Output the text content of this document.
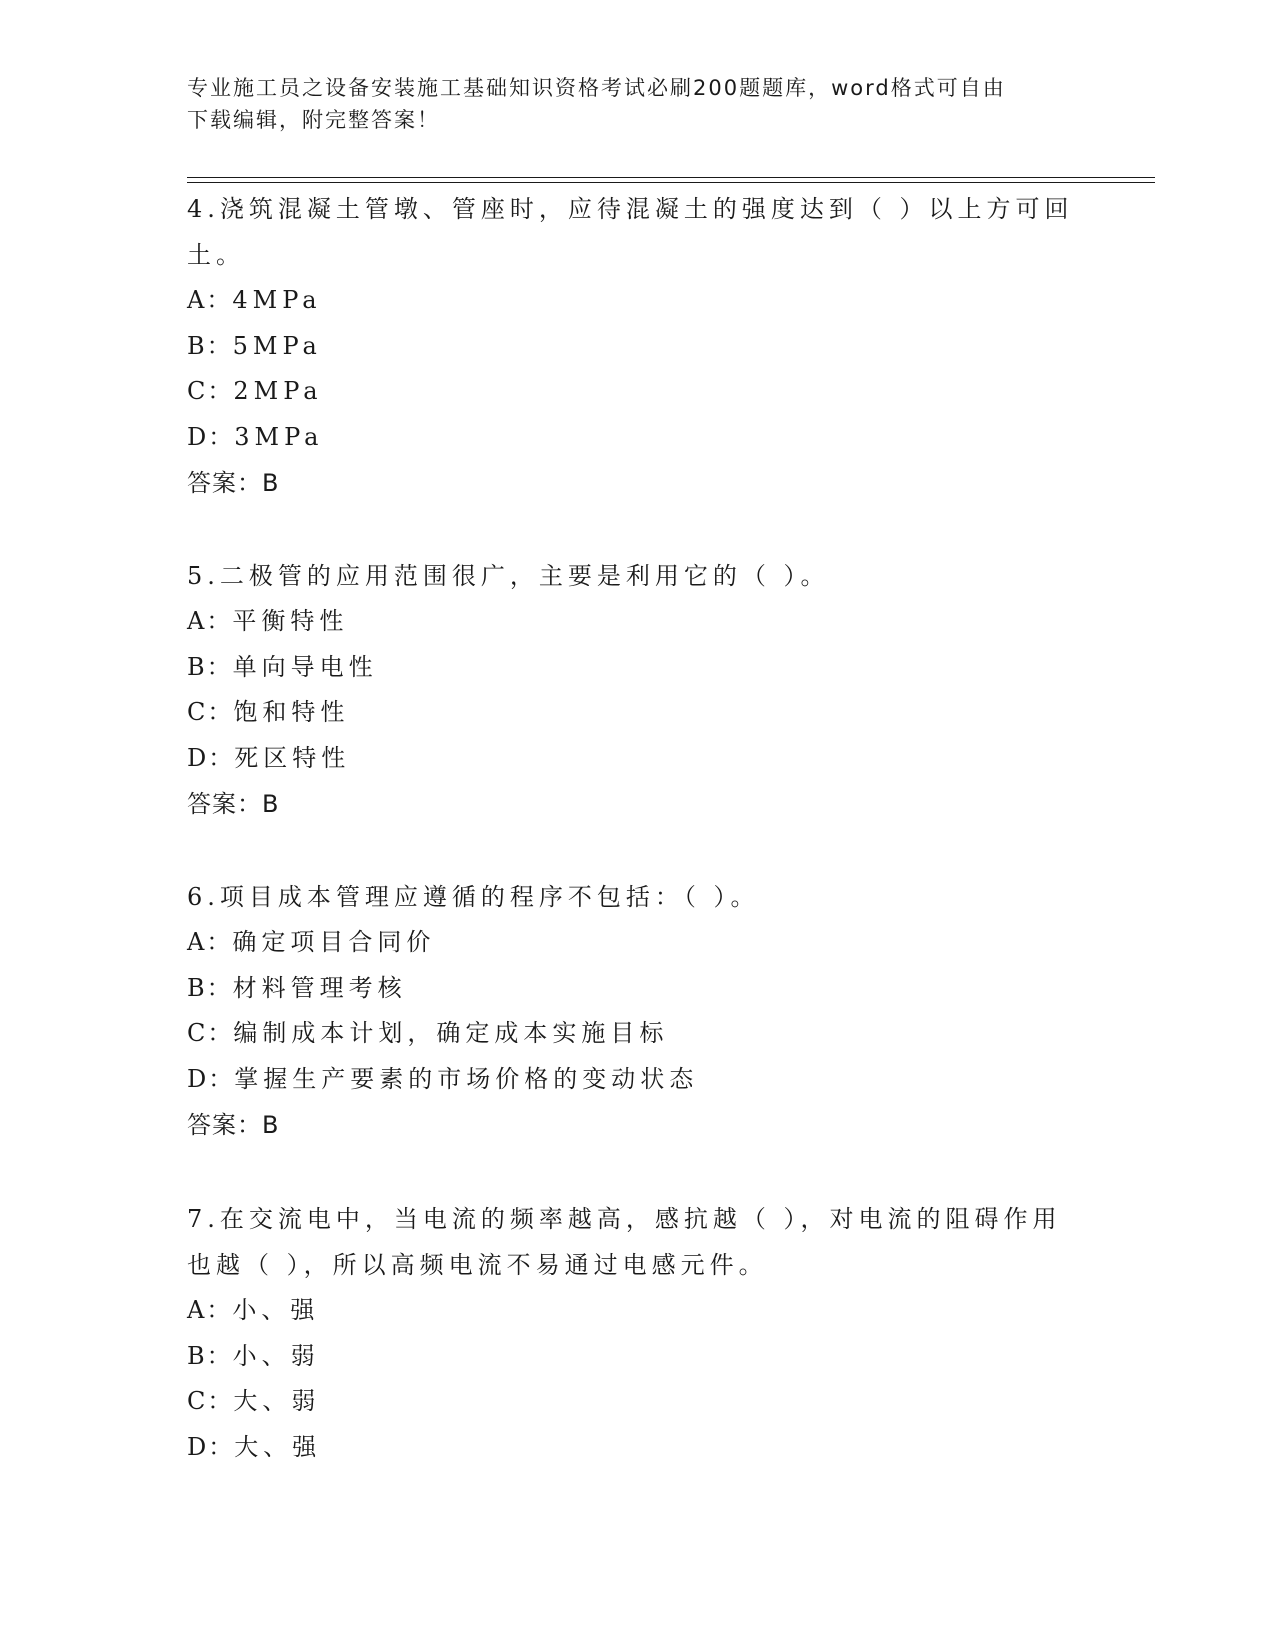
专业施工员之设备安装施工基础知识资格考试必刷200题题库，word格式可自由
下载编辑，附完整答案！

4.浇筑混凝土管墩、管座时，应待混凝土的强度达到（ ）以上方可回土。

A：4MPa

B：5MPa

C：2MPa

D：3MPa

答案：B

5.二极管的应用范围很广，主要是利用它的（ ）。

A：平衡特性

B：单向导电性

C：饱和特性

D：死区特性

答案：B

6.项目成本管理应遵循的程序不包括：（ ）。

A：确定项目合同价

B：材料管理考核

C：编制成本计划，确定成本实施目标

D：掌握生产要素的市场价格的变动状态

答案：B

7.在交流电中，当电流的频率越高，感抗越（ ），对电流的阻碍作用也越（ ），所以高频电流不易通过电感元件。

A：小、强

B：小、弱

C：大、弱

D：大、强
